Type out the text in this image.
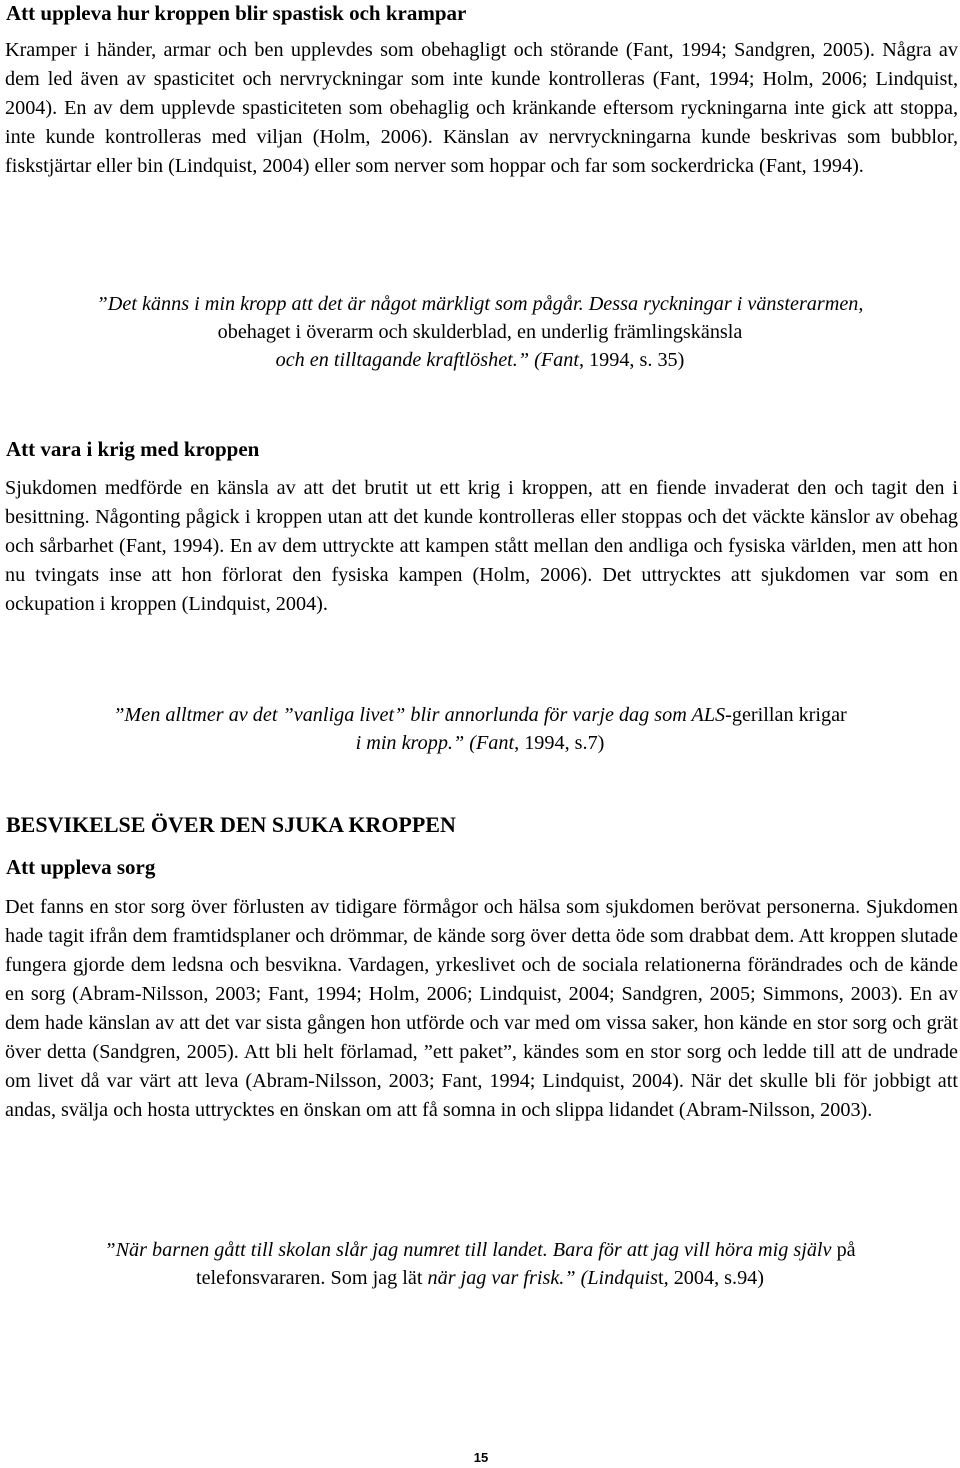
Att uppleva hur kroppen blir spastisk och krampar

Kramper i händer, armar och ben upplevdes som obehagligt och störande (Fant, 1994; Sandgren, 2005). Några av dem led även av spasticitet och nervryckningar som inte kunde kontrolleras (Fant, 1994; Holm, 2006; Lindquist, 2004). En av dem upplevde spasticiteten som obehaglig och kränkande eftersom ryckningarna inte gick att stoppa, inte kunde kontrolleras med viljan (Holm, 2006). Känslan av nervryckningarna kunde beskrivas som bubblor, fiskstjärtar eller bin (Lindquist, 2004) eller som nerver som hoppar och far som sockerdricka (Fant, 1994).

”Det känns i min kropp att det är något märkligt som pågår. Dessa ryckningar i vänsterarmen,
obehaget i överarm och skulderblad, en underlig främlingskänsla
och en tilltagande kraftlöshet.” (Fant, 1994, s. 35)
Att vara i krig med kroppen

Sjukdomen medförde en känsla av att det brutit ut ett krig i kroppen, att en fiende invaderat den och tagit den i besittning. Någonting pågick i kroppen utan att det kunde kontrolleras eller stoppas och det väckte känslor av obehag och sårbarhet (Fant, 1994). En av dem uttryckte att kampen stått mellan den andliga och fysiska världen, men att hon nu tvingats inse att hon förlorat den fysiska kampen (Holm, 2006). Det uttrycktes att sjukdomen var som en ockupation i kroppen (Lindquist, 2004).

”Men alltmer av det ”vanliga livet” blir annorlunda för varje dag som ALS-gerillan krigar
i min kropp.” (Fant, 1994, s.7)
BESVIKELSE ÖVER DEN SJUKA KROPPEN
Att uppleva sorg

Det fanns en stor sorg över förlusten av tidigare förmågor och hälsa som sjukdomen berövat personerna. Sjukdomen hade tagit ifrån dem framtidsplaner och drömmar, de kände sorg över detta öde som drabbat dem. Att kroppen slutade fungera gjorde dem ledsna och besvikna. Vardagen, yrkeslivet och de sociala relationerna förändrades och de kände en sorg (Abram-Nilsson, 2003; Fant, 1994; Holm, 2006; Lindquist, 2004; Sandgren, 2005; Simmons, 2003). En av dem hade känslan av att det var sista gången hon utförde och var med om vissa saker, hon kände en stor sorg och grät över detta (Sandgren, 2005). Att bli helt förlamad, ”ett paket”, kändes som en stor sorg och ledde till att de undrade om livet då var värt att leva (Abram-Nilsson, 2003; Fant, 1994; Lindquist, 2004). När det skulle bli för jobbigt att andas, svälja och hosta uttrycktes en önskan om att få somna in och slippa lidandet (Abram-Nilsson, 2003).

”När barnen gått till skolan slår jag numret till landet. Bara för att jag vill höra mig själv på
telefonsvararen. Som jag lät när jag var frisk.” (Lindquist, 2004, s.94)
15
